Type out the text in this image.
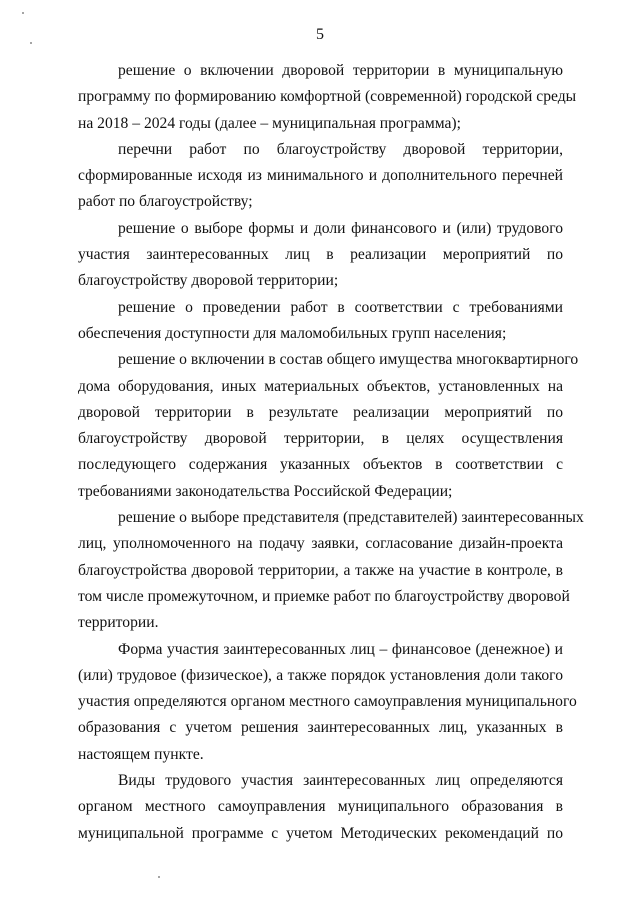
5
решение о включении дворовой территории в муниципальную
программу по формированию комфортной (современной) городской среды
на 2018 – 2024 годы (далее – муниципальная программа);
перечни работ по благоустройству дворовой территории,
сформированные исходя из минимального и дополнительного перечней
работ по благоустройству;
решение о выборе формы и доли финансового и (или) трудового
участия заинтересованных лиц в реализации мероприятий по
благоустройству дворовой территории;
решение о проведении работ в соответствии с требованиями
обеспечения доступности для маломобильных групп населения;
решение о включении в состав общего имущества многоквартирного
дома оборудования, иных материальных объектов, установленных на
дворовой территории в результате реализации мероприятий по
благоустройству дворовой территории, в целях осуществления
последующего содержания указанных объектов в соответствии с
требованиями законодательства Российской Федерации;
решение о выборе представителя (представителей) заинтересованных
лиц, уполномоченного на подачу заявки, согласование дизайн-проекта
благоустройства дворовой территории, а также на участие в контроле, в
том числе промежуточном, и приемке работ по благоустройству дворовой
территории.
Форма участия заинтересованных лиц – финансовое (денежное) и
(или) трудовое (физическое), а также порядок установления доли такого
участия определяются органом местного самоуправления муниципального
образования с учетом решения заинтересованных лиц, указанных в
настоящем пункте.
Виды трудового участия заинтересованных лиц определяются
органом местного самоуправления муниципального образования в
муниципальной программе с учетом Методических рекомендаций по
